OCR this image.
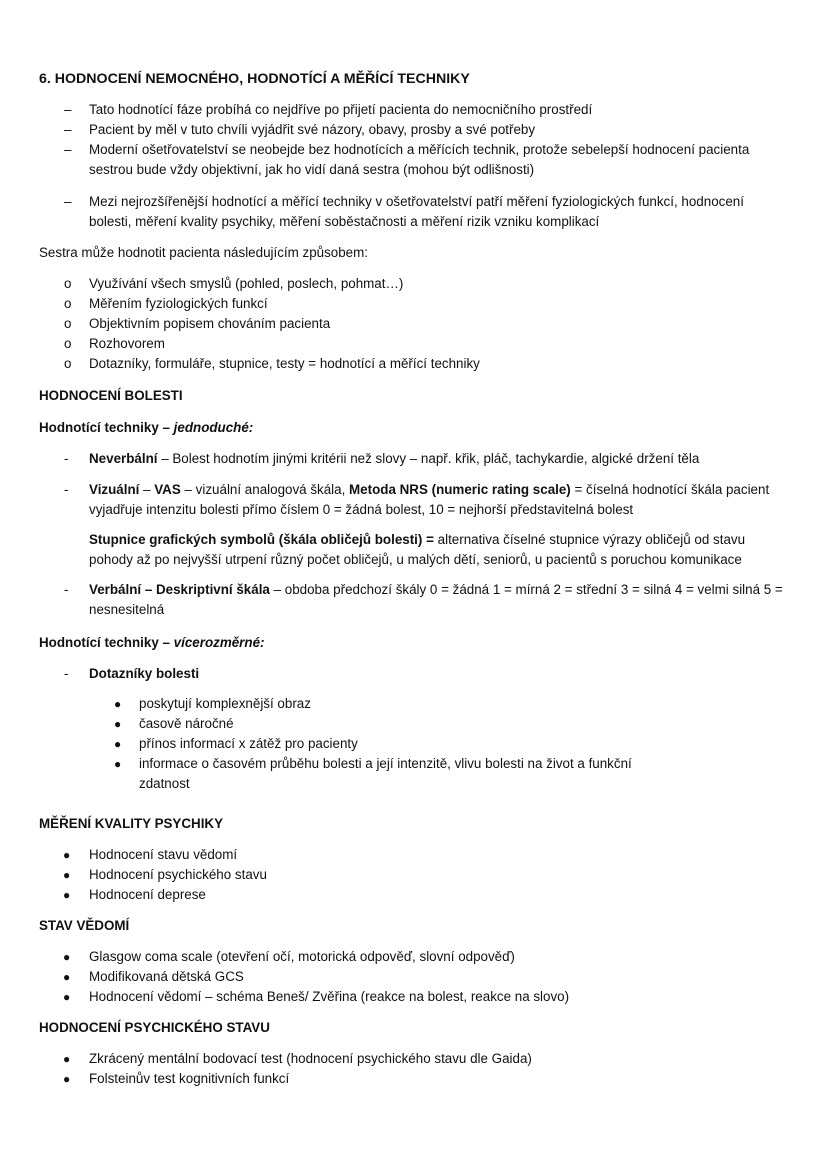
6. HODNOCENÍ NEMOCNÉHO, HODNOTÍCÍ A MĚŘÍCÍ TECHNIKY
– Tato hodnotící fáze probíhá co nejdříve po přijetí pacienta do nemocničního prostředí
– Pacient by měl v tuto chvíli vyjádřit své názory, obavy, prosby a své potřeby
– Moderní ošetřovatelství se neobejde bez hodnotících a měřících technik, protože sebelepší hodnocení pacienta sestrou bude vždy objektivní, jak ho vidí daná sestra (mohou být odlišnosti)
– Mezi nejrozšířenější hodnotící a měřící techniky v ošetřovatelství patří měření fyziologických funkcí, hodnocení bolesti, měření kvality psychiky, měření soběstačnosti a měření rizik vzniku komplikací

Sestra může hodnotit pacienta následujícím způsobem:

o Využívání všech smyslů (pohled, poslech, pohmat…)
o Měřením fyziologických funkcí
o Objektivním popisem chováním pacienta
o Rozhovorem
o Dotazníky, formuláře, stupnice, testy = hodnotící a měřící techniky

HODNOCENÍ BOLESTI

Hodnotící techniky – jednoduché:

- Neverbální – Bolest hodnotím jinými kritérii než slovy – např. křik, pláč, tachykardie, algické držení těla
- Vizuální – VAS – vizuální analogová škála, Metoda NRS (numeric rating scale) = číselná hodnotící škála pacient vyjadřuje intenzitu bolesti přímo číslem 0 = žádná bolest, 10 = nejhorší představitelná bolest
Stupnice grafických symbolů (škála obličejů bolesti) = alternativa číselné stupnice výrazy obličejů od stavu pohody až po nejvyšší utrpení různý počet obličejů, u malých dětí, seniorů, u pacientů s poruchou komunikace
- Verbální – Deskriptivní škála – obdoba předchozí škály 0 = žádná 1 = mírná 2 = střední 3 = silná 4 = velmi silná 5 = nesnesitelná

Hodnotící techniky – vícerozměrné:

- Dotazníky bolesti
● poskytují komplexnější obraz
● časově náročné
● přínos informací x zátěž pro pacienty
● informace o časovém průběhu bolesti a její intenzitě, vlivu bolesti na život a funkční zdatnost

MĚŘENÍ KVALITY PSYCHIKY

● Hodnocení stavu vědomí
● Hodnocení psychického stavu
● Hodnocení deprese

STAV VĚDOMÍ

● Glasgow coma scale (otevření očí, motorická odpověď, slovní odpověď)
● Modifikovaná dětská GCS
● Hodnocení vědomí – schéma Beneš/ Zvěřina (reakce na bolest, reakce na slovo)

HODNOCENÍ PSYCHICKÉHO STAVU

● Zkrácený mentální bodovací test (hodnocení psychického stavu dle Gaida)
● Folsteinův test kognitivních funkcí
